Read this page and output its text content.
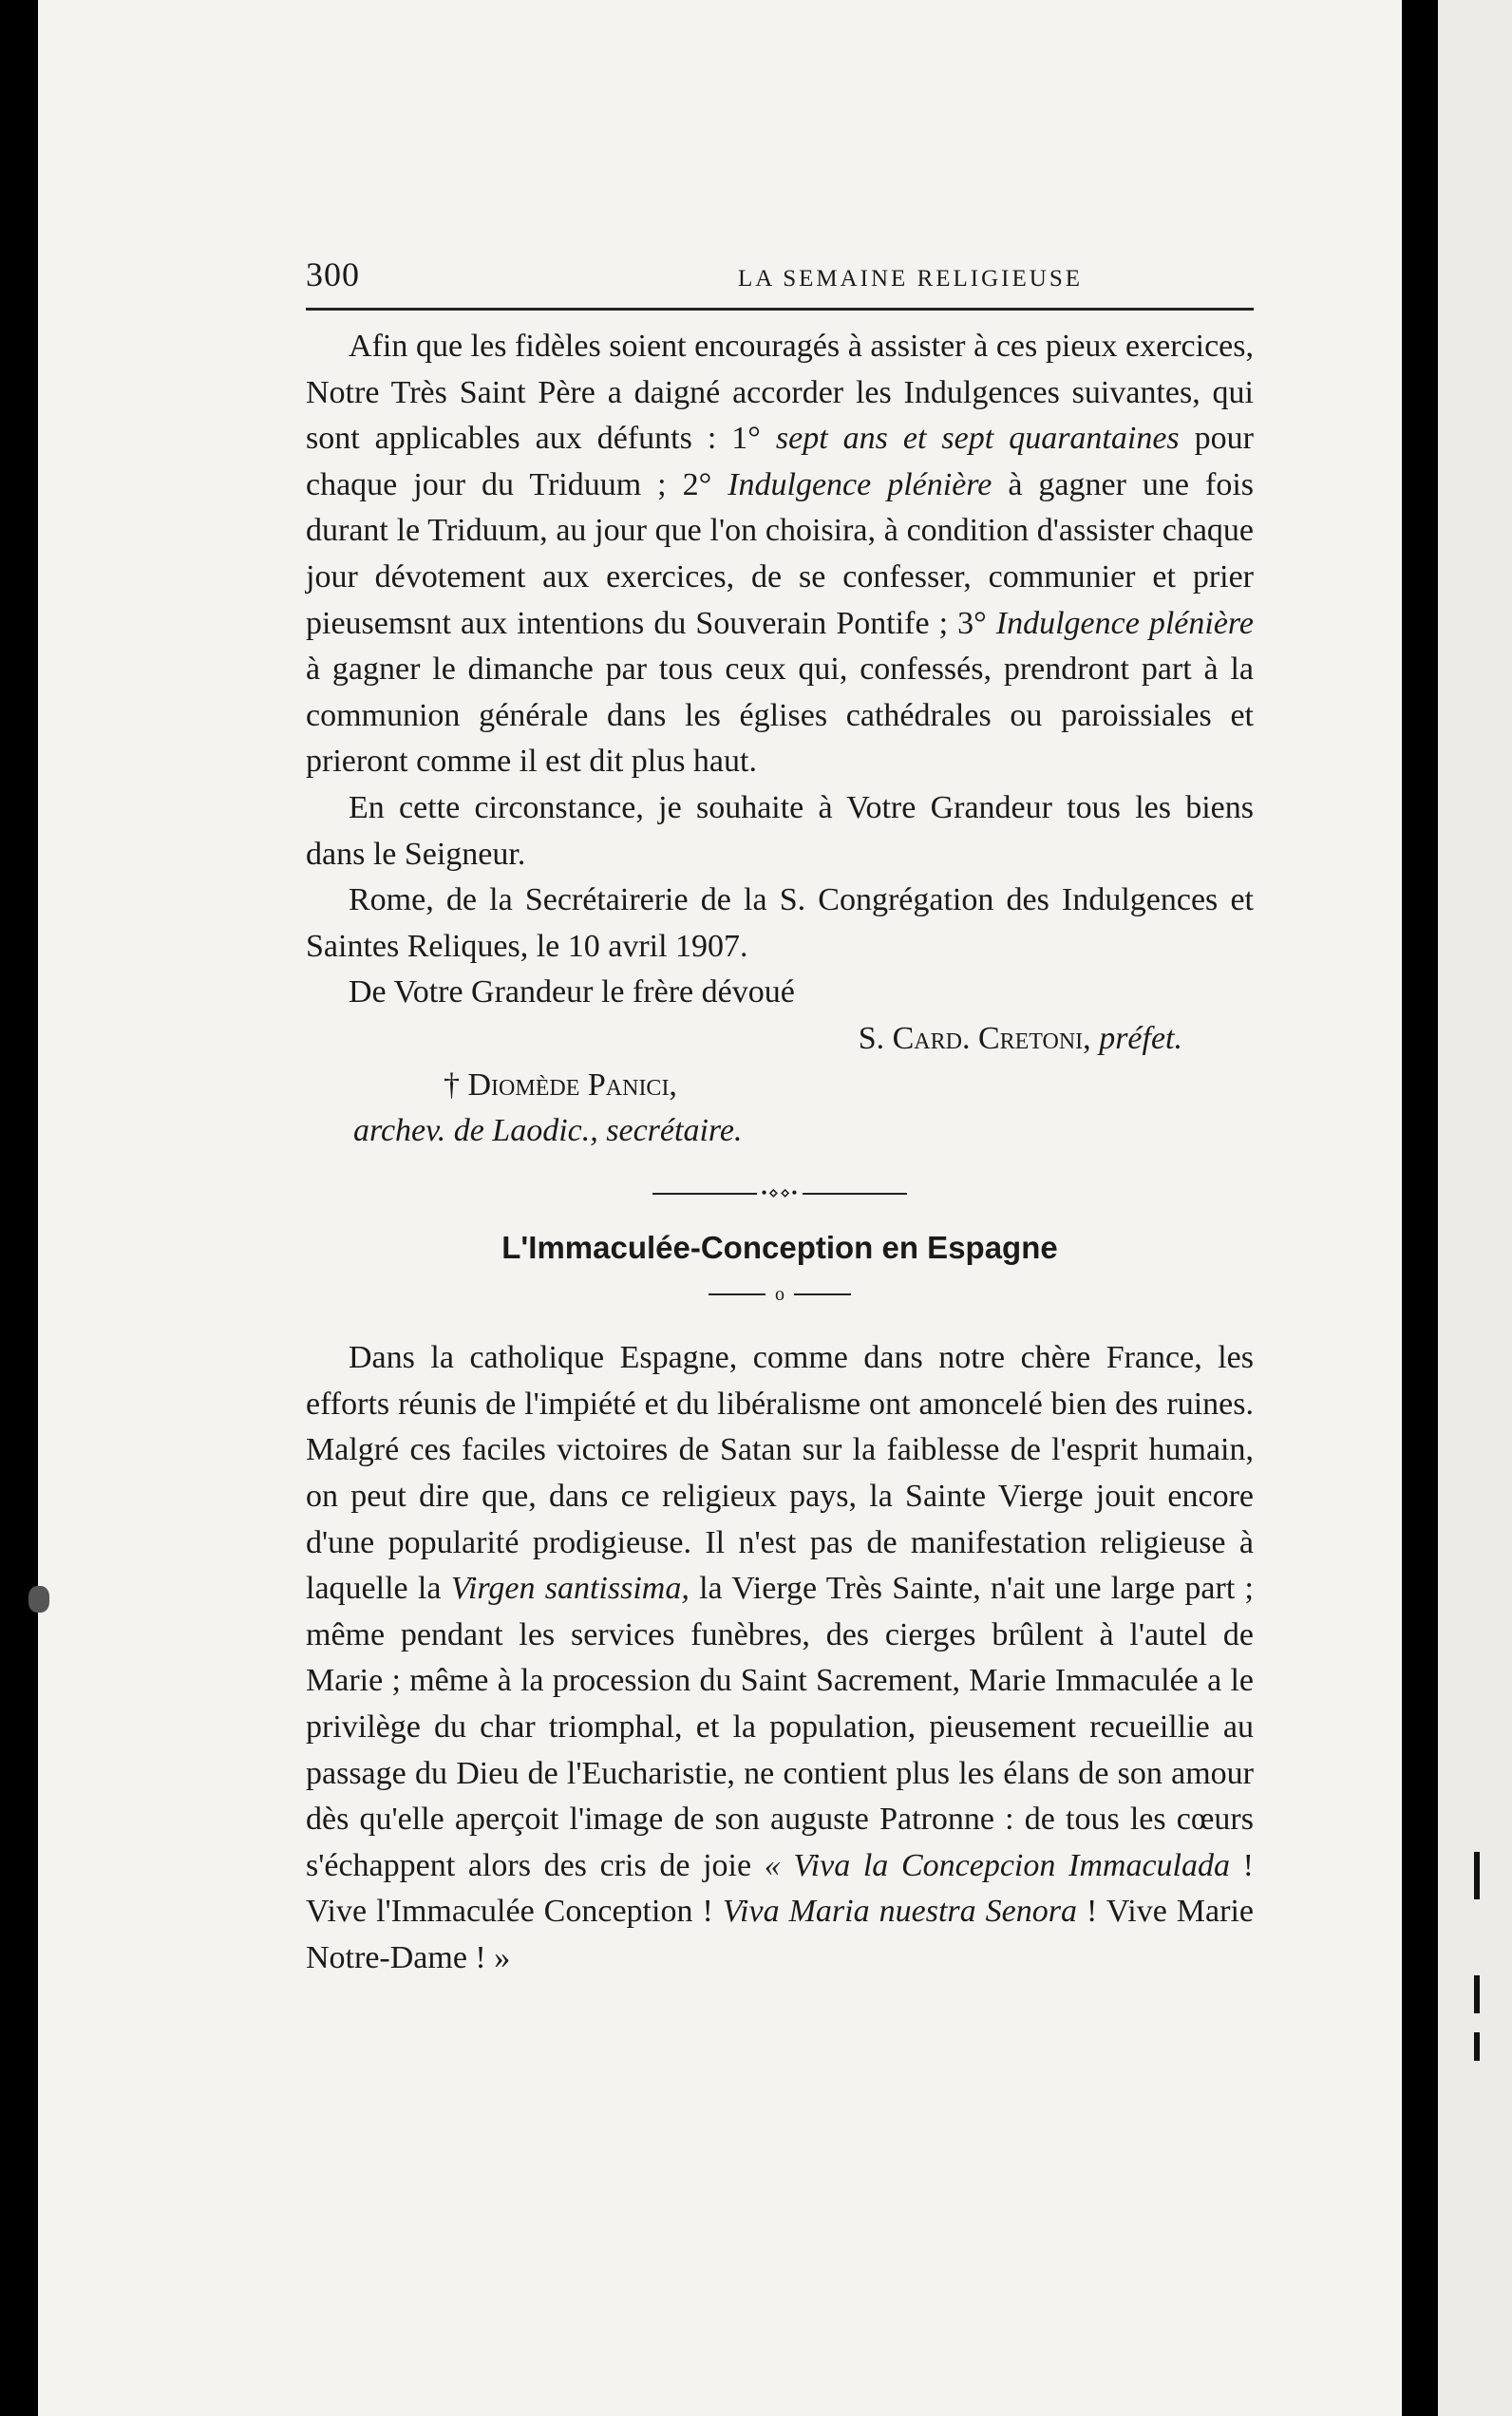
300	LA SEMAINE RELIGIEUSE

Afin que les fidèles soient encouragés à assister à ces pieux exercices, Notre Très Saint Père a daigné accorder les Indulgences suivantes, qui sont applicables aux défunts : 1° sept ans et sept quarantaines pour chaque jour du Triduum ; 2° Indulgence plénière à gagner une fois durant le Triduum, au jour que l'on choisira, à condition d'assister chaque jour dévotement aux exercices, de se confesser, communier et prier pieusemsnt aux intentions du Souverain Pontife ; 3° Indulgence plénière à gagner le dimanche par tous ceux qui, confessés, prendront part à la communion générale dans les églises cathédrales ou paroissiales et prieront comme il est dit plus haut.

En cette circonstance, je souhaite à Votre Grandeur tous les biens dans le Seigneur.

Rome, de la Secrétairerie de la S. Congrégation des Indulgences et Saintes Reliques, le 10 avril 1907.

De Votre Grandeur le frère dévoué

S. Card. Cretoni, préfet.

† Diomède Panici,

archev. de Laodic., secrétaire.

•⋄⋄•
L'Immaculée-Conception en Espagne
o

Dans la catholique Espagne, comme dans notre chère France, les efforts réunis de l'impiété et du libéralisme ont amoncelé bien des ruines. Malgré ces faciles victoires de Satan sur la faiblesse de l'esprit humain, on peut dire que, dans ce religieux pays, la Sainte Vierge jouit encore d'une popularité prodigieuse. Il n'est pas de manifestation religieuse à laquelle la Virgen santissima, la Vierge Très Sainte, n'ait une large part ; même pendant les services funèbres, des cierges brûlent à l'autel de Marie ; même à la procession du Saint Sacrement, Marie Immaculée a le privilège du char triomphal, et la population, pieusement recueillie au passage du Dieu de l'Eucharistie, ne contient plus les élans de son amour dès qu'elle aperçoit l'image de son auguste Patronne : de tous les cœurs s'échappent alors des cris de joie « Viva la Concepcion Immaculada ! Vive l'Immaculée Conception ! Viva Maria nuestra Senora ! Vive Marie Notre-Dame ! »
